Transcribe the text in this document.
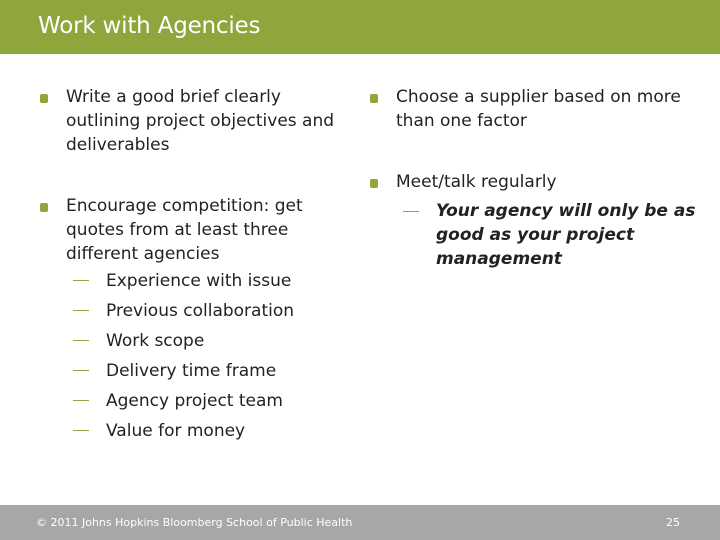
Work with Agencies
Write a good brief clearly outlining project objectives and deliverables
Encourage competition: get quotes from at least three different agencies
Experience with issue
Previous collaboration
Work scope
Delivery time frame
Agency project team
Value for money
Choose a supplier based on more than one factor
Meet/talk regularly
Your agency will only be as good as your project management
© 2011 Johns Hopkins Bloomberg School of Public Health	25
